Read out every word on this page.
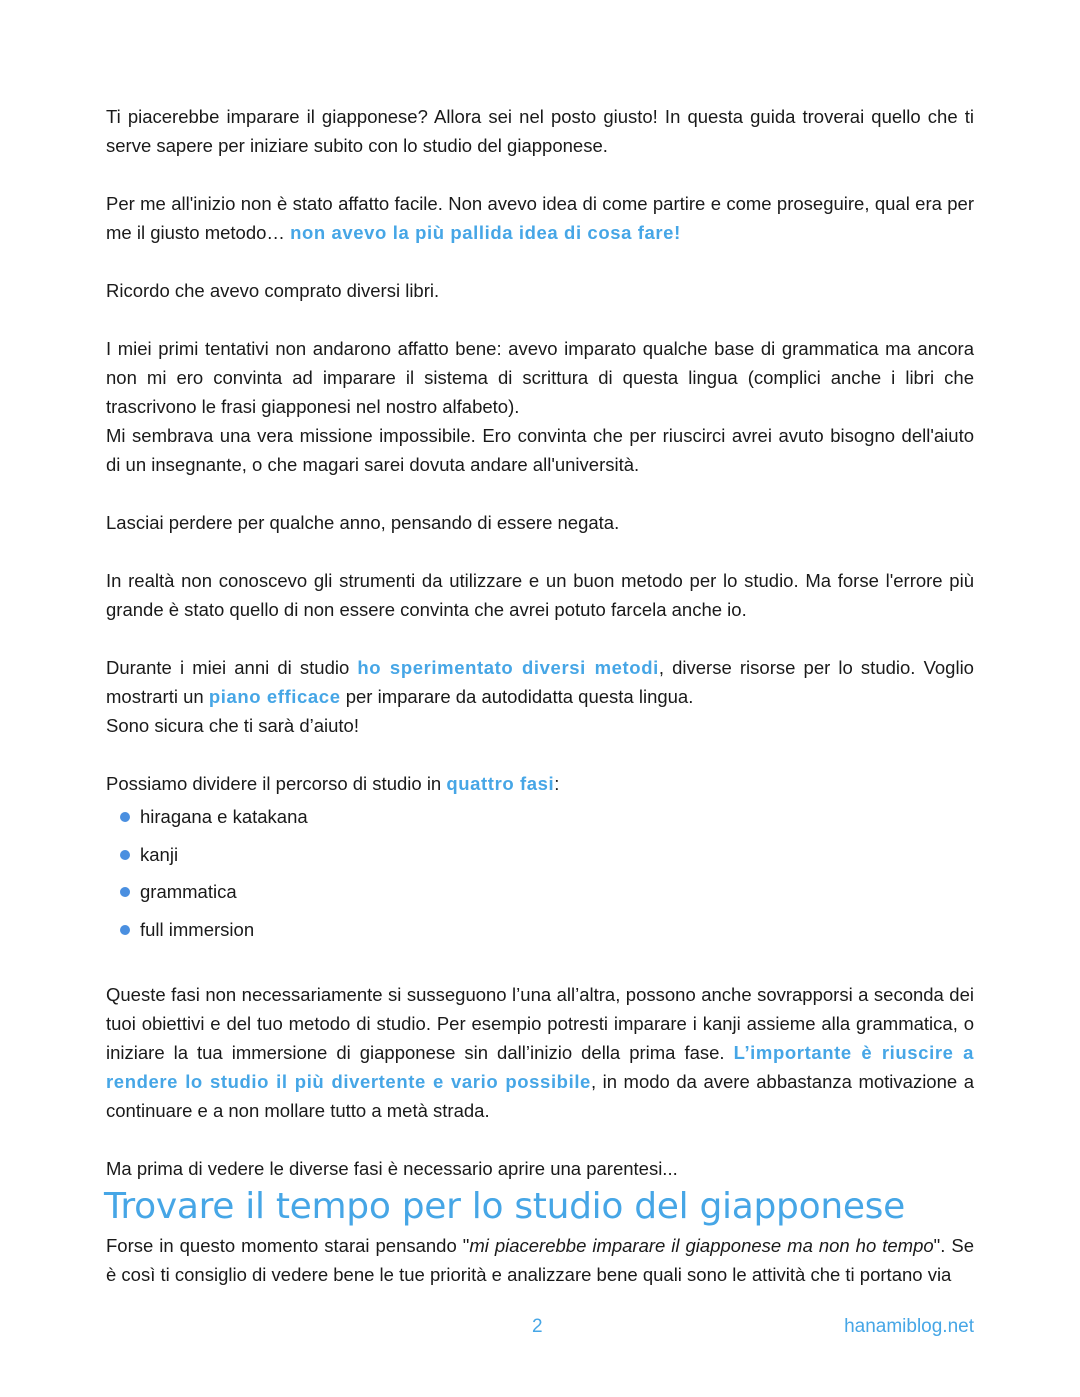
Ti piacerebbe imparare il giapponese? Allora sei nel posto giusto! In questa guida troverai quello che ti serve sapere per iniziare subito con lo studio del giapponese.

Per me all'inizio non è stato affatto facile. Non avevo idea di come partire e come proseguire, qual era per me il giusto metodo… non avevo la più pallida idea di cosa fare!

Ricordo che avevo comprato diversi libri.

I miei primi tentativi non andarono affatto bene: avevo imparato qualche base di grammatica ma ancora non mi ero convinta ad imparare il sistema di scrittura di questa lingua (complici anche i libri che trascrivono le frasi giapponesi nel nostro alfabeto).

Mi sembrava una vera missione impossibile. Ero convinta che per riuscirci avrei avuto bisogno dell'aiuto di un insegnante, o che magari sarei dovuta andare all'università.

Lasciai perdere per qualche anno, pensando di essere negata.

In realtà non conoscevo gli strumenti da utilizzare e un buon metodo per lo studio. Ma forse l'errore più grande è stato quello di non essere convinta che avrei potuto farcela anche io.

Durante i miei anni di studio ho sperimentato diversi metodi, diverse risorse per lo studio. Voglio mostrarti un piano efficace per imparare da autodidatta questa lingua.

Sono sicura che ti sarà d’aiuto!

Possiamo dividere il percorso di studio in quattro fasi:

hiragana e katakana
kanji
grammatica
full immersion

Queste fasi non necessariamente si susseguono l’una all’altra, possono anche sovrapporsi a seconda dei tuoi obiettivi e del tuo metodo di studio. Per esempio potresti imparare i kanji assieme alla grammatica, o iniziare la tua immersione di giapponese sin dall’inizio della prima fase. L’importante è riuscire a rendere lo studio il più divertente e vario possibile, in modo da avere abbastanza motivazione a continuare e a non mollare tutto a metà strada.

Ma prima di vedere le diverse fasi è necessario aprire una parentesi...

Trovare il tempo per lo studio del giapponese

Forse in questo momento starai pensando "mi piacerebbe imparare il giapponese ma non ho tempo". Se è così ti consiglio di vedere bene le tue priorità e analizzare bene quali sono le attività che ti portano via

2	hanamiblog.net
